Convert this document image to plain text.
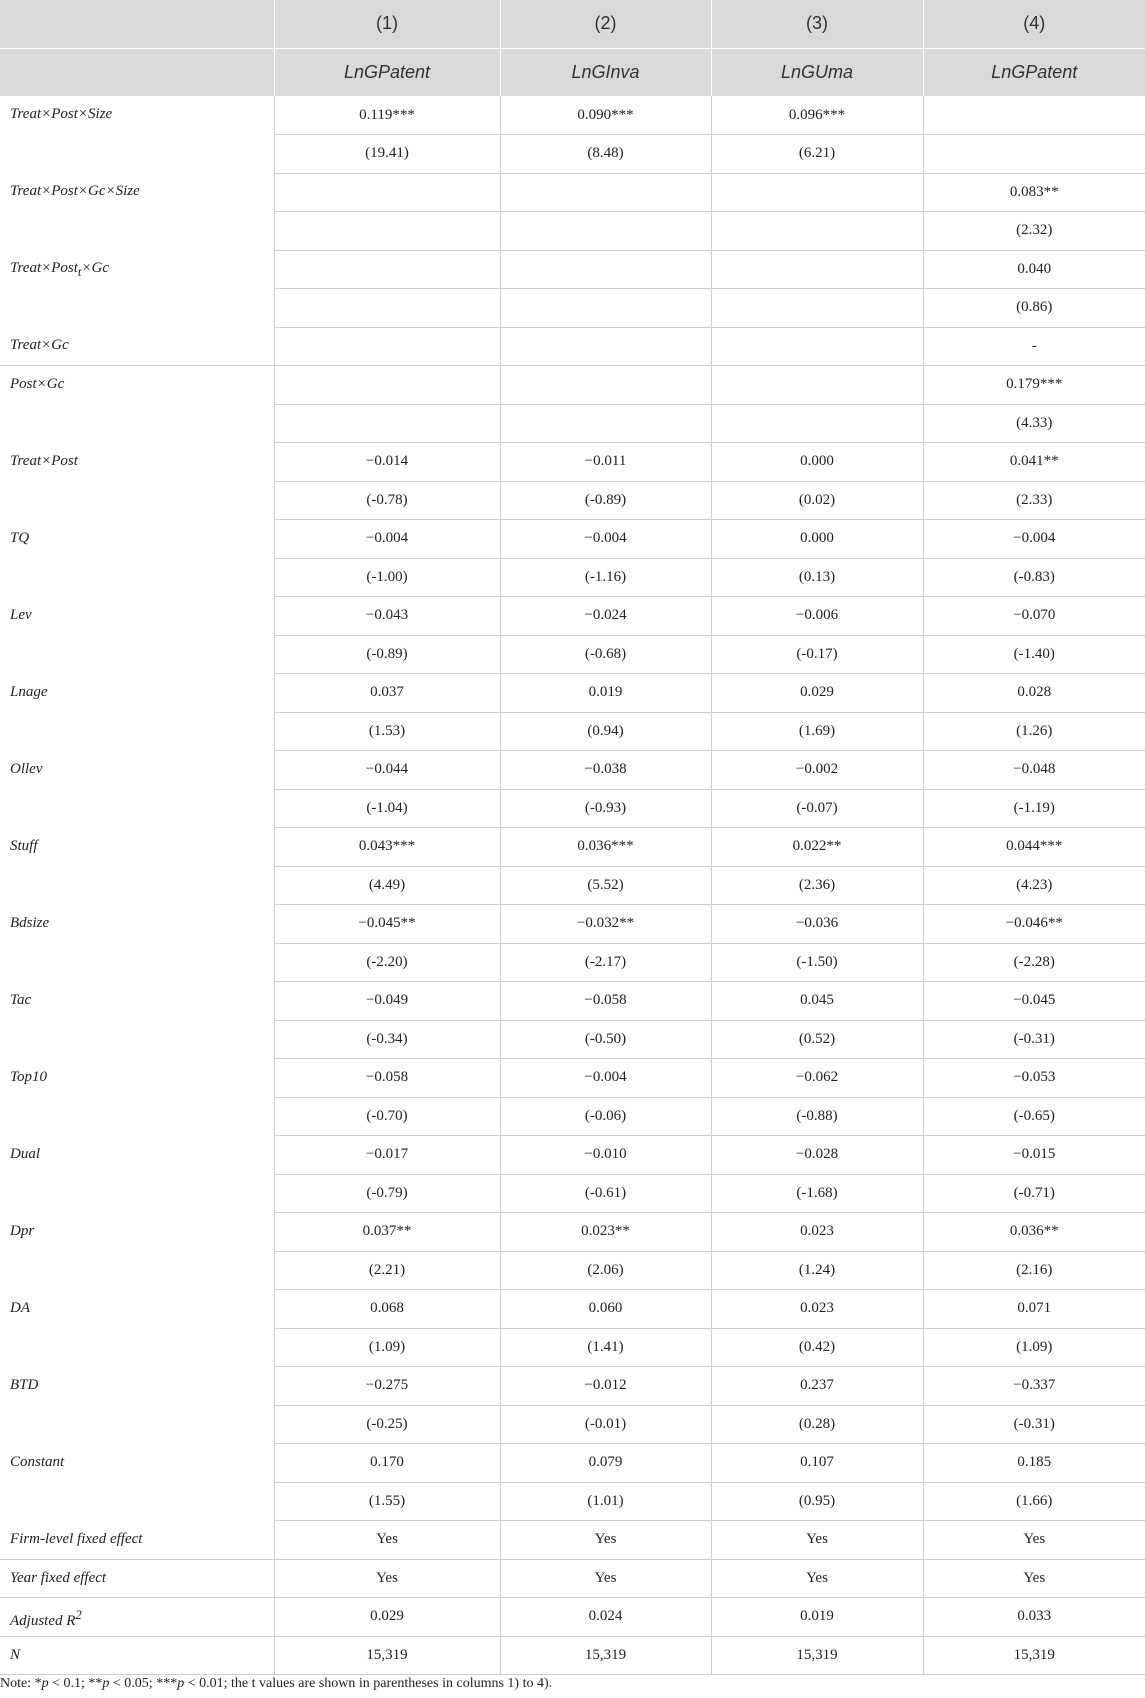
	(1)	(2)	(3)	(4)
	LnGPatent	LnGInva	LnGUma	LnGPatent
Treat×Post×Size	0.119***	0.090***	0.096***	
	(19.41)	(8.48)	(6.21)	
Treat×Post×Gc×Size				0.083**
				(2.32)
Treat×Post$_t$×Gc				0.040
				(0.86)
Treat×Gc				-
Post×Gc				0.179***
				(4.33)
Treat×Post	−0.014	−0.011	0.000	0.041**
	(-0.78)	(-0.89)	(0.02)	(2.33)
TQ	−0.004	−0.004	0.000	−0.004
	(-1.00)	(-1.16)	(0.13)	(-0.83)
Lev	−0.043	−0.024	−0.006	−0.070
	(-0.89)	(-0.68)	(-0.17)	(-1.40)
Lnage	0.037	0.019	0.029	0.028
	(1.53)	(0.94)	(1.69)	(1.26)
Ollev	−0.044	−0.038	−0.002	−0.048
	(-1.04)	(-0.93)	(-0.07)	(-1.19)
Stuff	0.043***	0.036***	0.022**	0.044***
	(4.49)	(5.52)	(2.36)	(4.23)
Bdsize	−0.045**	−0.032**	−0.036	−0.046**
	(-2.20)	(-2.17)	(-1.50)	(-2.28)
Tac	−0.049	−0.058	0.045	−0.045
	(-0.34)	(-0.50)	(0.52)	(-0.31)
Top10	−0.058	−0.004	−0.062	−0.053
	(-0.70)	(-0.06)	(-0.88)	(-0.65)
Dual	−0.017	−0.010	−0.028	−0.015
	(-0.79)	(-0.61)	(-1.68)	(-0.71)
Dpr	0.037**	0.023**	0.023	0.036**
	(2.21)	(2.06)	(1.24)	(2.16)
DA	0.068	0.060	0.023	0.071
	(1.09)	(1.41)	(0.42)	(1.09)
BTD	−0.275	−0.012	0.237	−0.337
	(-0.25)	(-0.01)	(0.28)	(-0.31)
Constant	0.170	0.079	0.107	0.185
	(1.55)	(1.01)	(0.95)	(1.66)
Firm-level fixed effect	Yes	Yes	Yes	Yes
Year fixed effect	Yes	Yes	Yes	Yes
Adjusted $R^2$	0.029	0.024	0.019	0.033
N	15,319	15,319	15,319	15,319
Note: *p < 0.1; **p < 0.05; ***p < 0.01; the t values are shown in parentheses in columns 1) to 4).
